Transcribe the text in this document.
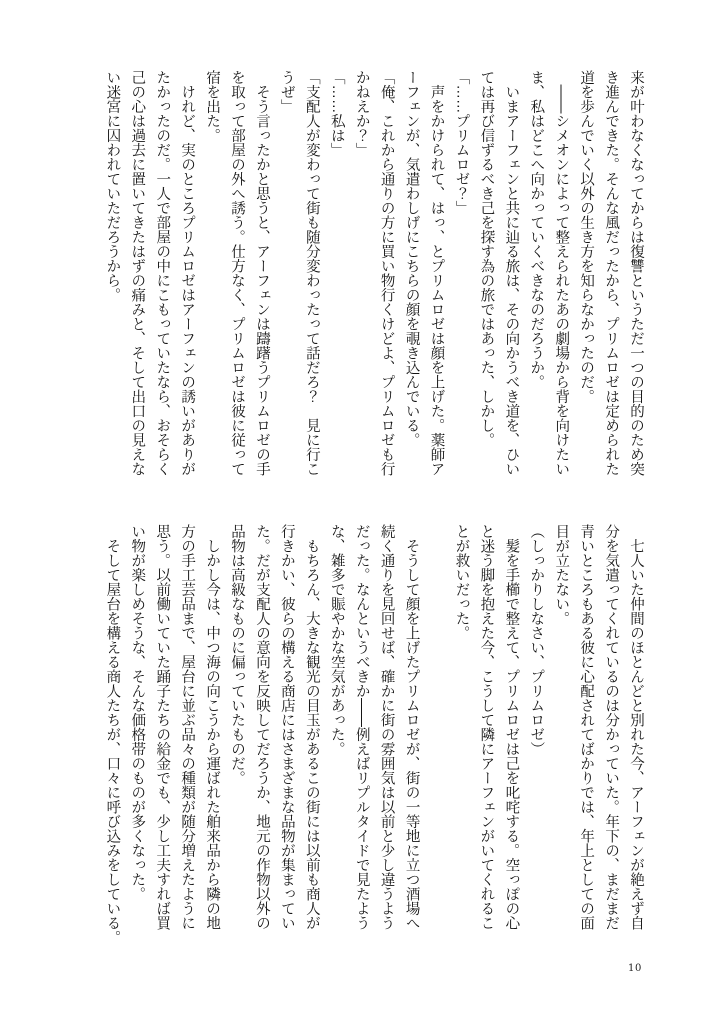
来が叶わなくなってからは復讐というただ一つの目的のため突
き進んできた。そんな風だったから、プリムロゼは定められた
道を歩んでいく以外の生き方を知らなかったのだ。
　——シメオンによって整えられたあの劇場から背を向けたい
ま、私はどこへ向かっていくべきなのだろうか。
　いまアーフェンと共に辿る旅は、その向かうべき道を、ひい
ては再び信ずるべき己を探す為の旅ではあった、しかし。
「……プリムロゼ？」
　声をかけられて、はっ、とプリムロゼは顔を上げた。薬師ア
ーフェンが、気遣わしげにこちらの顔を覗き込んでいる。
「俺、これから通りの方に買い物行くけどよ、プリムロゼも行
かねえか？」
「……私は」
「支配人が変わって街も随分変わったって話だろ？　見に行こ
うぜ」
　そう言ったかと思うと、アーフェンは躊躇うプリムロゼの手
を取って部屋の外へ誘う。仕方なく、プリムロゼは彼に従って
宿を出た。
　けれど、実のところプリムロゼはアーフェンの誘いがありが
たかったのだ。一人で部屋の中にこもっていたなら、おそらく
己の心は過去に置いてきたはずの痛みと、そして出口の見えな
い迷宮に囚われていただろうから。
　七人いた仲間のほとんどと別れた今、アーフェンが絶えず自
分を気遣ってくれているのは分かっていた。年下の、まだまだ
青いところもある彼に心配されてばかりでは、年上としての面
目が立たない。
（しっかりしなさい、プリムロゼ）
　髪を手櫛で整えて、プリムロゼは己を叱咤する。空っぽの心
と迷う脚を抱えた今、こうして隣にアーフェンがいてくれるこ
とが救いだった。
　そうして顔を上げたプリムロゼが、街の一等地に立つ酒場へ
続く通りを見回せば、確かに街の雰囲気は以前と少し違うよう
だった。なんというべきか——例えばリプルタイドで見たよう
な、雑多で賑やかな空気があった。
　もちろん、大きな観光の目玉があるこの街には以前も商人が
行きかい、彼らの構える商店にはさまざまな品物が集まってい
た。だが支配人の意向を反映してだろうか、地元の作物以外の
品物は高級なものに偏っていたものだ。
　しかし今は、中つ海の向こうから運ばれた舶来品から隣の地
方の手工芸品まで、屋台に並ぶ品々の種類が随分増えたように
思う。以前働いていた踊子たちの給金でも、少し工夫すれば買
い物が楽しめそうな、そんな価格帯のものが多くなった。
　そして屋台を構える商人たちが、口々に呼び込みをしている。
10
